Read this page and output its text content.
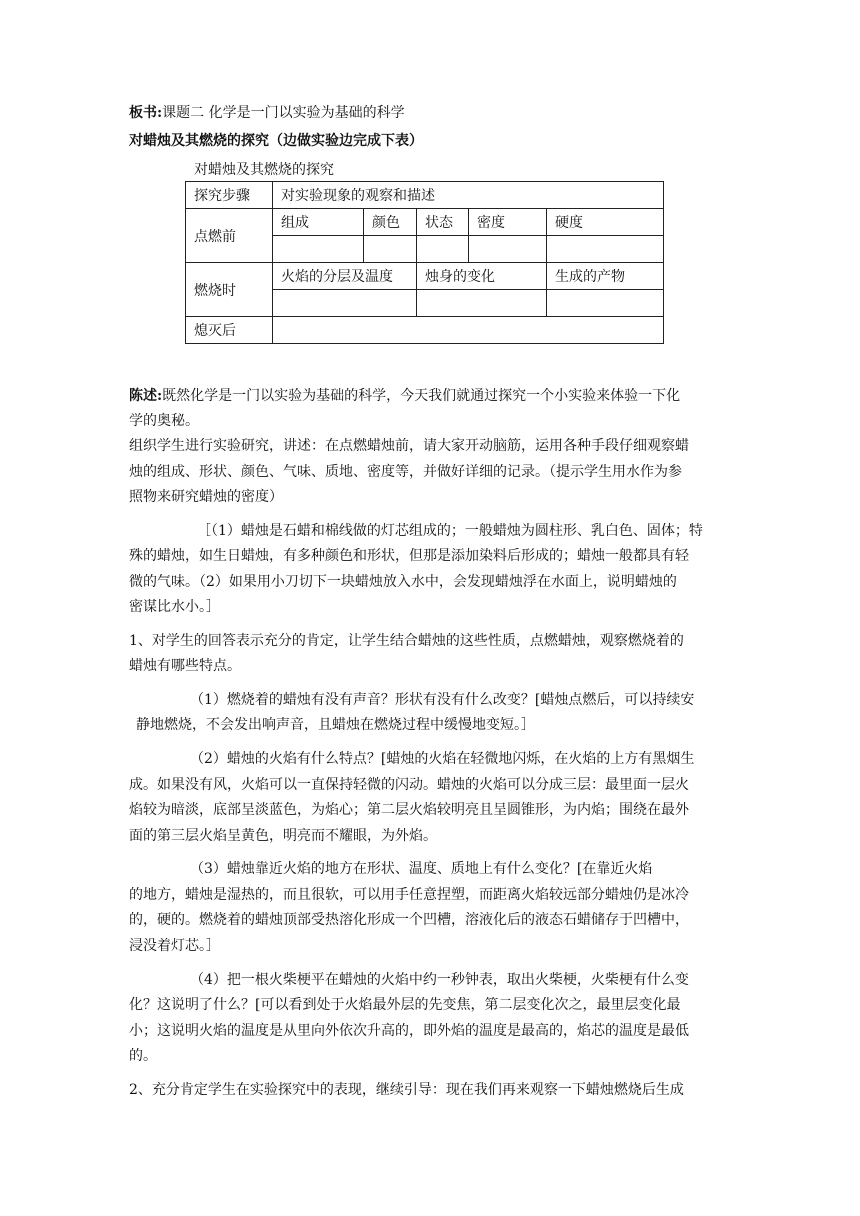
板书:课题二 化学是一门以实验为基础的科学
对蜡烛及其燃烧的探究（边做实验边完成下表）
对蜡烛及其燃烧的探究
探究步骤	对实验现象的观察和描述				
点燃前	组成	颜色	状态	密度	硬度

燃烧时	火焰的分层及温度		烛身的变化		生成的产物

熄灭后					
陈述:既然化学是一门以实验为基础的科学，今天我们就通过探究一个小实验来体验一下化
学的奥秘。
组织学生进行实验研究，讲述：在点燃蜡烛前，请大家开动脑筋，运用各种手段仔细观察蜡
烛的组成、形状、颜色、气味、质地、密度等，并做好详细的记录。（提示学生用水作为参
照物来研究蜡烛的密度）
［（1）蜡烛是石蜡和棉线做的灯芯组成的；一般蜡烛为圆柱形、乳白色、固体；特
殊的蜡烛，如生日蜡烛，有多种颜色和形状，但那是添加染料后形成的；蜡烛一般都具有轻
微的气味。（2）如果用小刀切下一块蜡烛放入水中，会发现蜡烛浮在水面上，说明蜡烛的
密谋比水小。］
1、对学生的回答表示充分的肯定，让学生结合蜡烛的这些性质，点燃蜡烛，观察燃烧着的
蜡烛有哪些特点。
（1）燃烧着的蜡烛有没有声音？形状有没有什么改变？[蜡烛点燃后，可以持续安
静地燃烧，不会发出响声音，且蜡烛在燃烧过程中缓慢地变短。］
（2）蜡烛的火焰有什么特点？[蜡烛的火焰在轻微地闪烁，在火焰的上方有黑烟生
成。如果没有风，火焰可以一直保持轻微的闪动。蜡烛的火焰可以分成三层：最里面一层火
焰较为暗淡，底部呈淡蓝色，为焰心；第二层火焰较明亮且呈圆锥形，为内焰；围绕在最外
面的第三层火焰呈黄色，明亮而不耀眼，为外焰。
（3）蜡烛靠近火焰的地方在形状、温度、质地上有什么变化？[在靠近火焰
的地方，蜡烛是湿热的，而且很软，可以用手任意捏塑，而距离火焰较远部分蜡烛仍是冰冷
的，硬的。燃烧着的蜡烛顶部受热溶化形成一个凹槽，溶液化后的液态石蜡储存于凹槽中，
浸没着灯芯。］
（4）把一根火柴梗平在蜡烛的火焰中约一秒钟表，取出火柴梗，火柴梗有什么变
化？这说明了什么？[可以看到处于火焰最外层的先变焦，第二层变化次之，最里层变化最
小；这说明火焰的温度是从里向外依次升高的，即外焰的温度是最高的，焰芯的温度是最低
的。
2、充分肯定学生在实验探究中的表现，继续引导：现在我们再来观察一下蜡烛燃烧后生成
